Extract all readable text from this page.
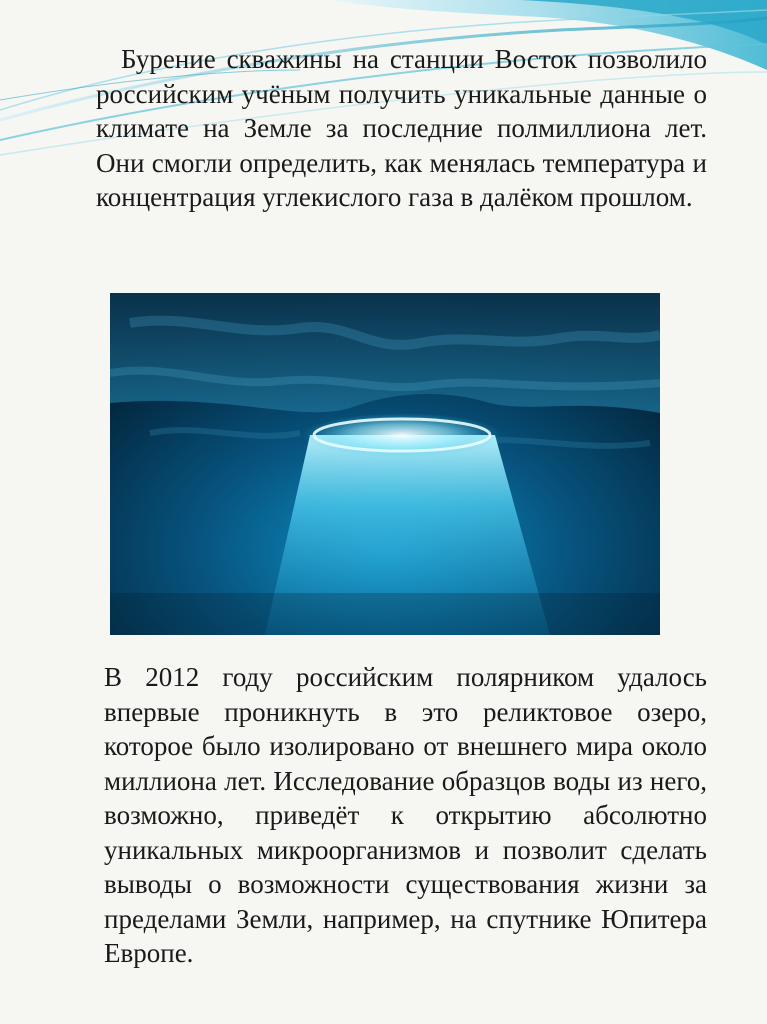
Бурение скважины на станции Восток позволило российским учёным получить уникальные данные о климате на Земле за последние полмиллиона лет. Они смогли определить, как менялась температура и концентрация углекислого газа в далёком прошлом.

В 2012 году российским полярником удалось впервые проникнуть в это реликтовое озеро, которое было изолировано от внешнего мира около миллиона лет. Исследование образцов воды из него, возможно, приведёт к открытию абсолютно уникальных микроорганизмов и позволит сделать выводы о возможности существования жизни за пределами Земли, например, на спутнике Юпитера Европе.
